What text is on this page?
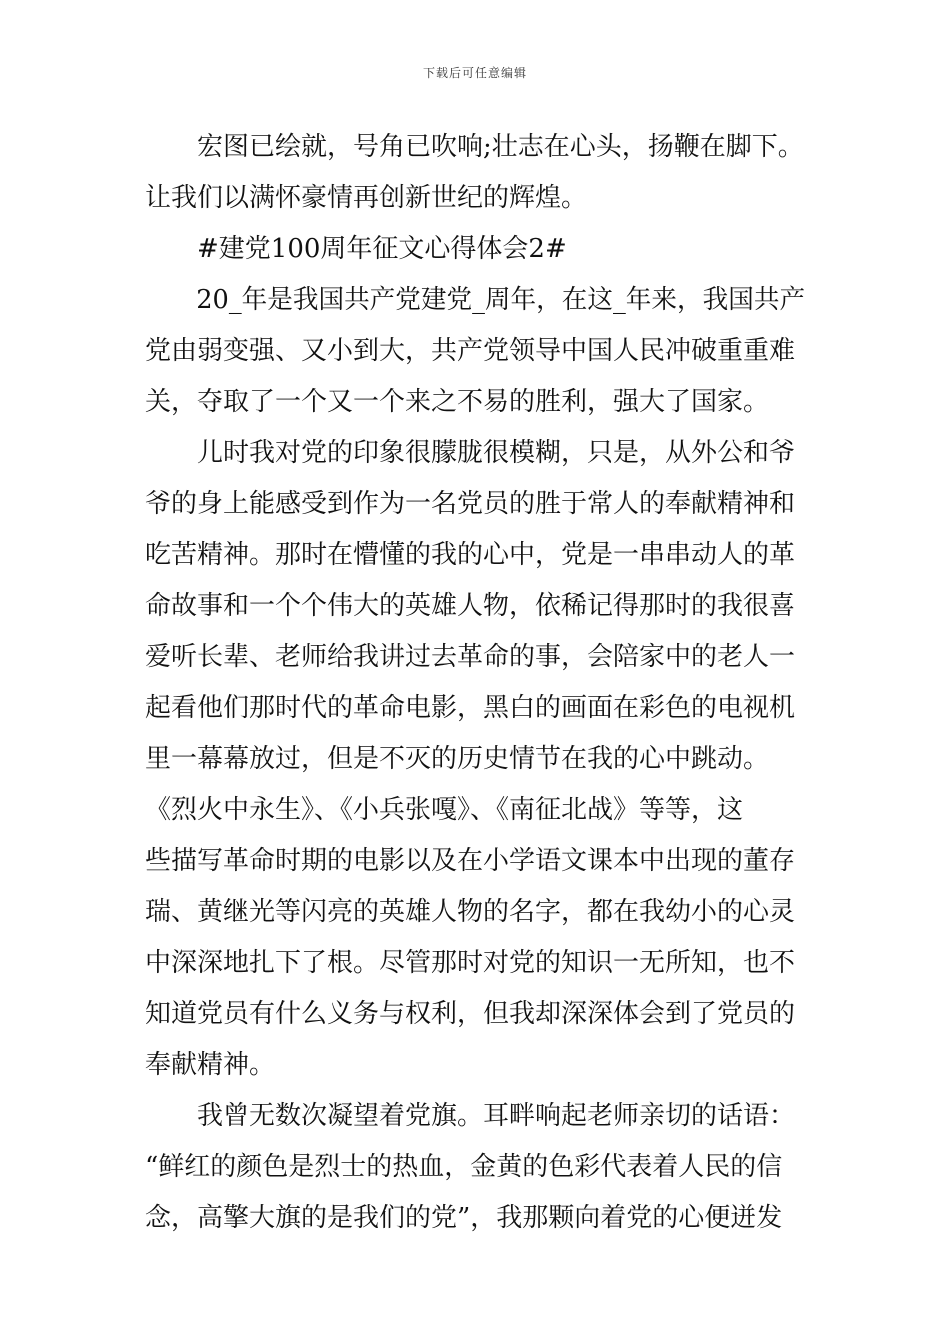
下载后可任意编辑
　　宏图已绘就，号角已吹响;壮志在心头，扬鞭在脚下。
让我们以满怀豪情再创新世纪的辉煌。
　　#建党100周年征文心得体会2#
　　20_年是我国共产党建党_周年，在这_年来，我国共产
党由弱变强、又小到大，共产党领导中国人民冲破重重难
关，夺取了一个又一个来之不易的胜利，强大了国家。
　　儿时我对党的印象很朦胧很模糊，只是，从外公和爷
爷的身上能感受到作为一名党员的胜于常人的奉献精神和
吃苦精神。那时在懵懂的我的心中，党是一串串动人的革
命故事和一个个伟大的英雄人物，依稀记得那时的我很喜
爱听长辈、老师给我讲过去革命的事，会陪家中的老人一
起看他们那时代的革命电影，黑白的画面在彩色的电视机
里一幕幕放过，但是不灭的历史情节在我的心中跳动。
《烈火中永生》、《小兵张嘎》、《南征北战》等等，这
些描写革命时期的电影以及在小学语文课本中出现的董存
瑞、黄继光等闪亮的英雄人物的名字，都在我幼小的心灵
中深深地扎下了根。尽管那时对党的知识一无所知，也不
知道党员有什么义务与权利，但我却深深体会到了党员的
奉献精神。
　　我曾无数次凝望着党旗。耳畔响起老师亲切的话语：
“鲜红的颜色是烈士的热血，金黄的色彩代表着人民的信
念，高擎大旗的是我们的党”，我那颗向着党的心便迸发
